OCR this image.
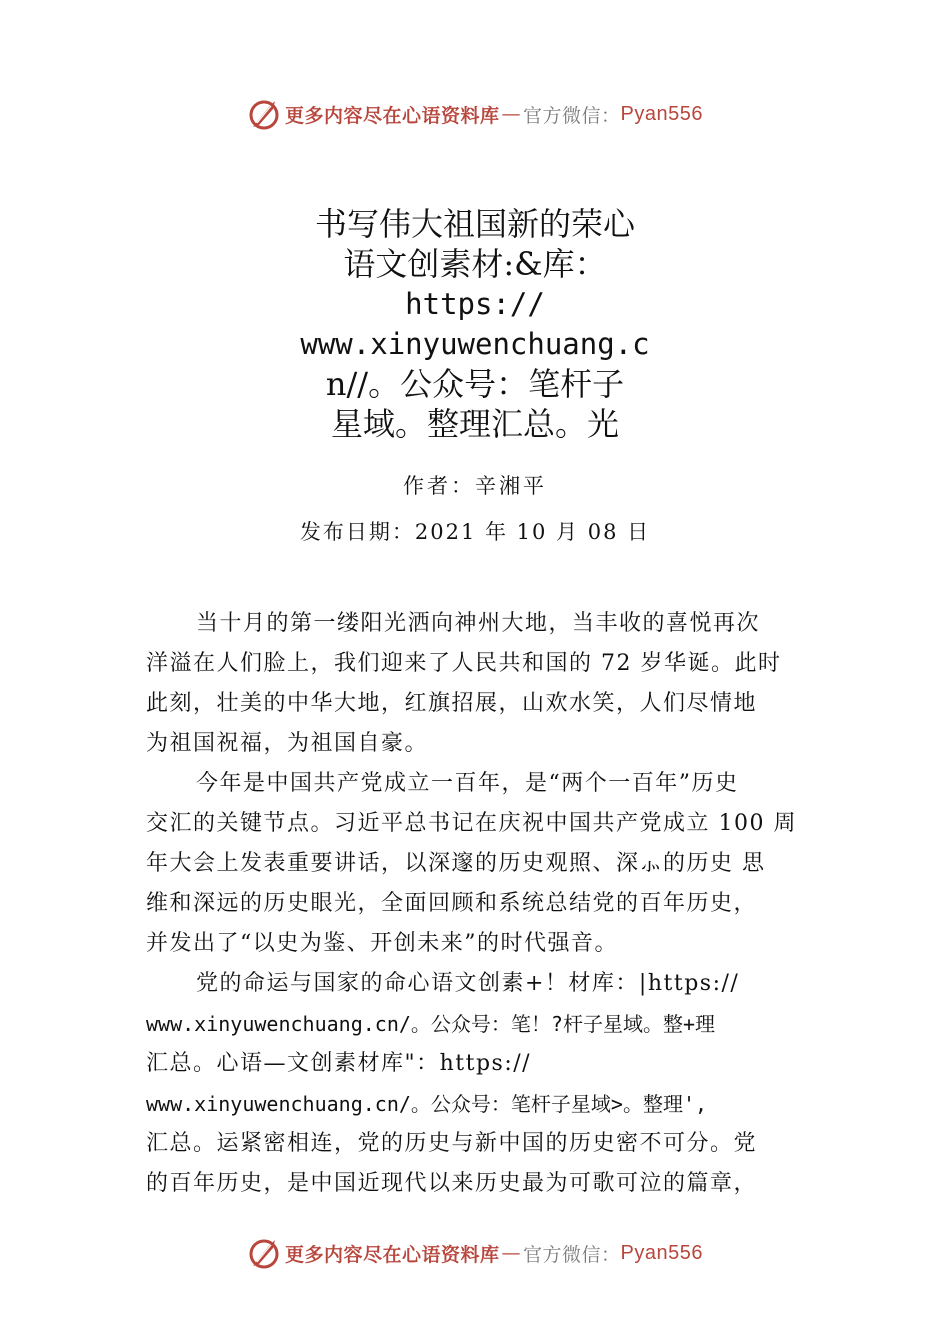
更多内容尽在心语资料库 — 官方微信： Pyan556
书写伟大祖国新的荣心
语文创素材:&库：
https://
www.xinyuwenchuang.c
n//。公众号：笔杆子
星域。整理汇总。光
作者：辛湘平
发布日期：2021 年 10 月 08 日
当十月的第一缕阳光洒向神州大地，当丰收的喜悦再次
洋溢在人们脸上，我们迎来了人民共和国的 72 岁华诞。此时
此刻，壮美的中华大地，红旗招展，山欢水笑，人们尽情地
为祖国祝福，为祖国自豪。
今年是中国共产党成立一百年，是“两个一百年”历史
交汇的关键节点。习近平总书记在庆祝中国共产党成立 100 周
年大会上发表重要讲话，以深邃的历史观照、深⺗的历史 思
维和深远的历史眼光，全面回顾和系统总结党的百年历史，
并发出了“以史为鉴、开创未来”的时代强音。
党的命运与国家的命心语文创素+！材库：|https://
www.xinyuwenchuang.cn/。公众号：笔！?杆子星域。整+理
汇总。心语—文创素材库"：https://
www.xinyuwenchuang.cn/。公众号：笔杆子星域>。整理',
汇总。运紧密相连，党的历史与新中国的历史密不可分。党
的百年历史，是中国近现代以来历史最为可歌可泣的篇章，
更多内容尽在心语资料库 — 官方微信： Pyan556
